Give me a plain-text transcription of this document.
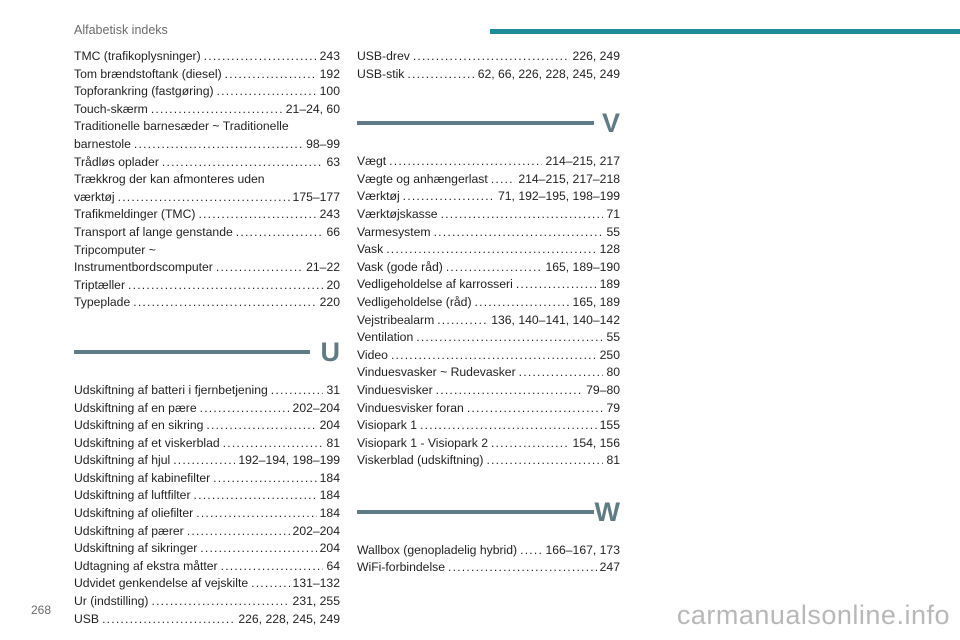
Alfabetisk indeks
TMC (trafikoplysninger) .....	243
Tom brændstoftank (diesel) .....	192
Topforankring (fastgøring) .....	100
Touch-skærm .....	21–24, 60
Traditionelle barnesæder ~ Traditionelle
barnestole .....	98–99
Trådløs oplader .....	63
Trækkrog der kan afmonteres uden
værktøj .....	175–177
Trafikmeldinger (TMC) .....	243
Transport af lange genstande .....	66
Tripcomputer ~
Instrumentbordscomputer .....	21–22
Triptæller .....	20
Typeplade .....	220
U
Udskiftning af batteri i fjernbetjening .....	31
Udskiftning af en pære .....	202–204
Udskiftning af en sikring .....	204
Udskiftning af et viskerblad .....	81
Udskiftning af hjul .....	192–194, 198–199
Udskiftning af kabinefilter .....	184
Udskiftning af luftfilter .....	184
Udskiftning af oliefilter .....	184
Udskiftning af pærer .....	202–204
Udskiftning af sikringer .....	204
Udtagning af ekstra måtter .....	64
Udvidet genkendelse af vejskilte .....	131–132
Ur (indstilling) .....	231, 255
USB .....	226, 228, 245, 249
USB-drev .....	226, 249
USB-stik .....	62, 66, 226, 228, 245, 249
V
Vægt .....	214–215, 217
Vægte og anhængerlast .....	214–215, 217–218
Værktøj .....	71, 192–195, 198–199
Værktøjskasse .....	71
Varmesystem .....	55
Vask .....	128
Vask (gode råd) .....	165, 189–190
Vedligeholdelse af karrosseri .....	189
Vedligeholdelse (råd) .....	165, 189
Vejstribealarm .....	136, 140–141, 140–142
Ventilation .....	55
Video .....	250
Vinduesvasker ~ Rudevasker .....	80
Vinduesvisker .....	79–80
Vinduesvisker foran .....	79
Visiopark 1 .....	155
Visiopark 1 - Visiopark 2 .....	154, 156
Viskerblad (udskiftning) .....	81
W
Wallbox (genopladelig hybrid) ..... 166–167, 173
WiFi-forbindelse .....	247
268	carmanualsonline.info
